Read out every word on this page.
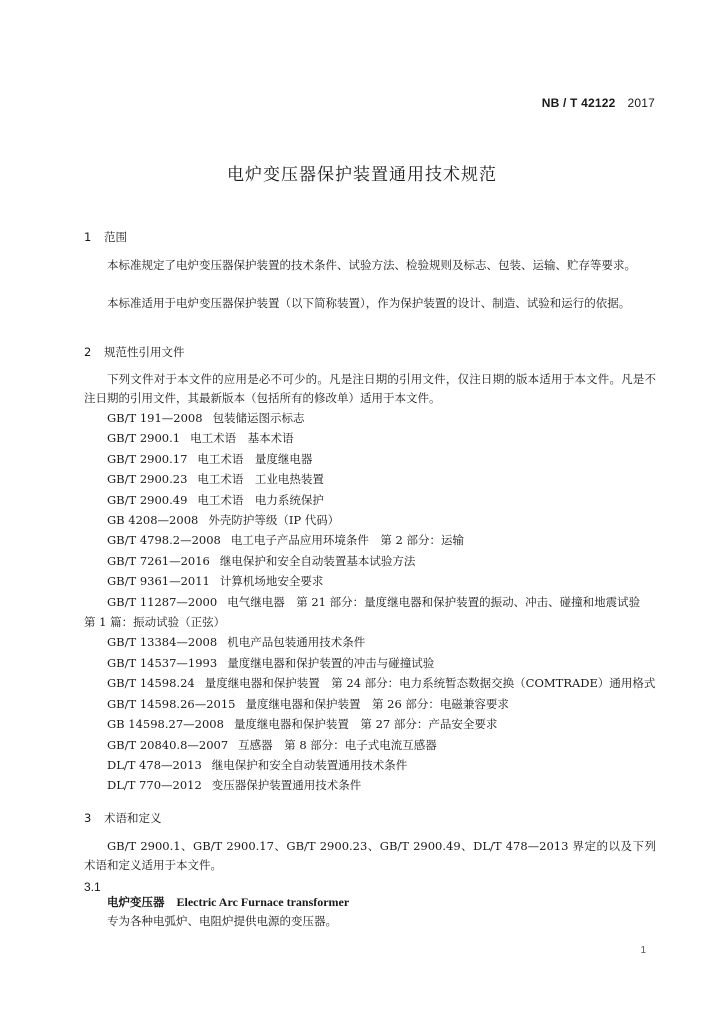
NB / T 42122 2017
电炉变压器保护装置通用技术规范
1 范围
本标准规定了电炉变压器保护装置的技术条件、试验方法、检验规则及标志、包装、运输、贮存等要求。
本标准适用于电炉变压器保护装置（以下简称装置），作为保护装置的设计、制造、试验和运行的依据。
2 规范性引用文件
下列文件对于本文件的应用是必不可少的。凡是注日期的引用文件，仅注日期的版本适用于本文件。凡是不注日期的引用文件，其最新版本（包括所有的修改单）适用于本文件。
GB/T 191—2008 包装储运图示标志
GB/T 2900.1 电工术语　基本术语
GB/T 2900.17 电工术语　量度继电器
GB/T 2900.23 电工术语　工业电热装置
GB/T 2900.49 电工术语　电力系统保护
GB 4208—2008 外壳防护等级（IP 代码）
GB/T 4798.2—2008 电工电子产品应用环境条件　第 2 部分：运输
GB/T 7261—2016 继电保护和安全自动装置基本试验方法
GB/T 9361—2011 计算机场地安全要求
GB/T 11287—2000 电气继电器　第 21 部分：量度继电器和保护装置的振动、冲击、碰撞和地震试验　第 1 篇：振动试验（正弦）
GB/T 13384—2008 机电产品包装通用技术条件
GB/T 14537—1993 量度继电器和保护装置的冲击与碰撞试验
GB/T 14598.24 量度继电器和保护装置　第 24 部分：电力系统暂态数据交换（COMTRADE）通用格式
GB/T 14598.26—2015 量度继电器和保护装置　第 26 部分：电磁兼容要求
GB 14598.27—2008 量度继电器和保护装置　第 27 部分：产品安全要求
GB/T 20840.8—2007 互感器　第 8 部分：电子式电流互感器
DL/T 478—2013 继电保护和安全自动装置通用技术条件
DL/T 770—2012 变压器保护装置通用技术条件
3 术语和定义
GB/T 2900.1、GB/T 2900.17、GB/T 2900.23、GB/T 2900.49、DL/T 478—2013 界定的以及下列术语和定义适用于本文件。
3.1
电炉变压器 Electric Arc Furnace transformer
专为各种电弧炉、电阻炉提供电源的变压器。
1
